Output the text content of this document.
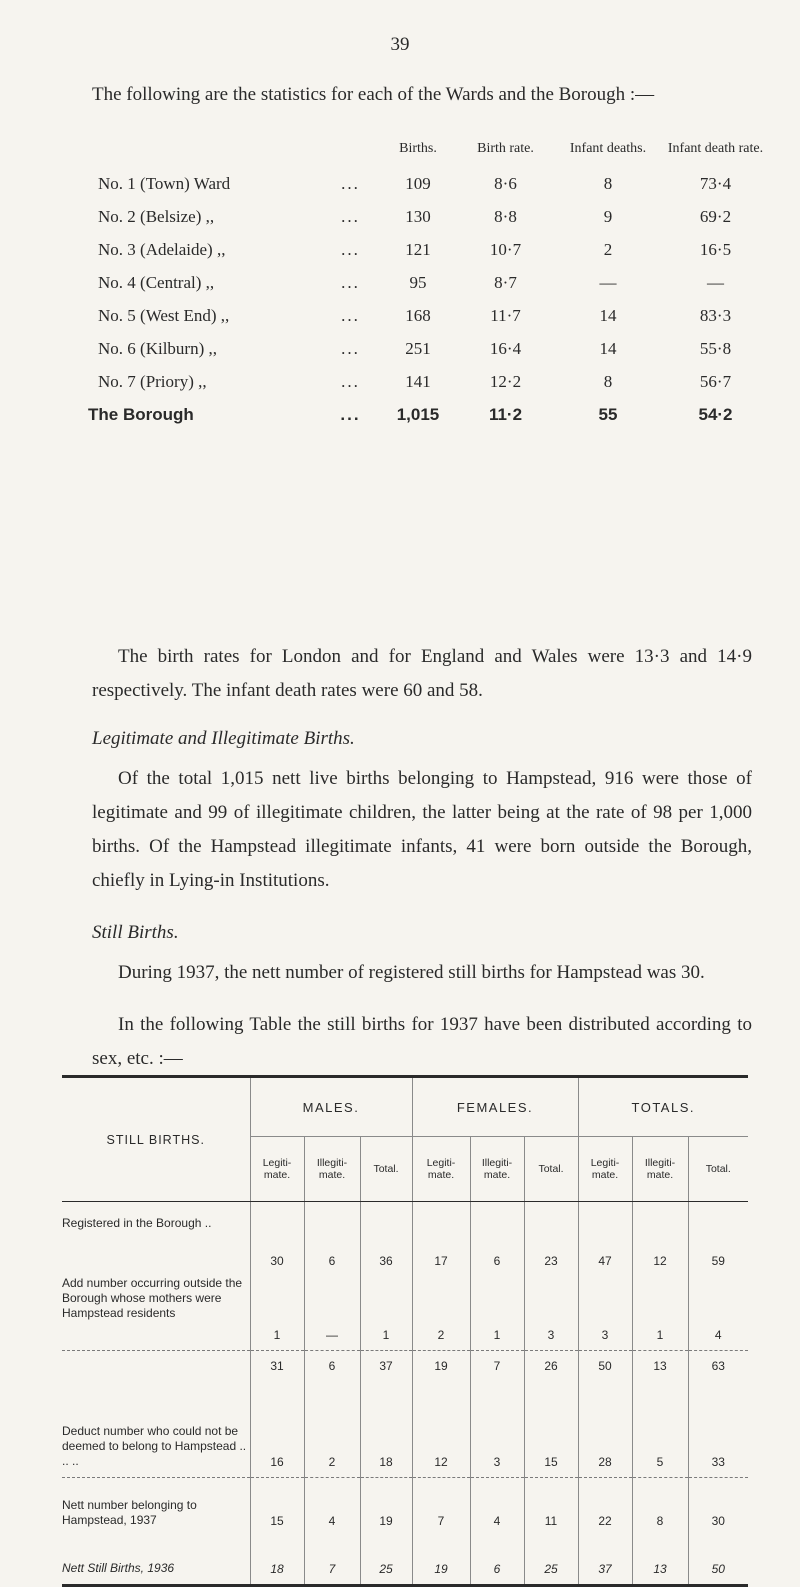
39
The following are the statistics for each of the Wards and the Borough :—
		Births.	Birth rate.	Infant deaths.	Infant death rate.
No. 1 (Town) Ward	...	109	8·6	8	73·4
No. 2 (Belsize) ,,	...	130	8·8	9	69·2
No. 3 (Adelaide) ,,	...	121	10·7	2	16·5
No. 4 (Central) ,,	...	95	8·7	—	—
No. 5 (West End) ,,	...	168	11·7	14	83·3
No. 6 (Kilburn) ,,	...	251	16·4	14	55·8
No. 7 (Priory) ,,	...	141	12·2	8	56·7
The Borough	...	1,015	11·2	55	54·2

The birth rates for London and for England and Wales were 13·3 and 14·9 respectively. The infant death rates were 60 and 58.

Legitimate and Illegitimate Births.

Of the total 1,015 nett live births belonging to Hampstead, 916 were those of legitimate and 99 of illegitimate children, the latter being at the rate of 98 per 1,000 births. Of the Hampstead illegitimate infants, 41 were born outside the Borough, chiefly in Lying-in Institutions.

Still Births.

During 1937, the nett number of registered still births for Hampstead was 30.

In the following Table the still births for 1937 have been distributed according to sex, etc. :—

STILL BIRTHS.	MALES.			FEMALES.			TOTALS.		
	Legiti- mate.	Illegiti- mate.	Total.	Legiti- mate.	Illegiti- mate.	Total.	Legiti- mate.	Illegiti- mate.	Total.
Registered in the Borough ..	30	6	36	17	6	23	47	12	59
Add number occurring outside the Borough whose mothers were Hampstead residents	1	—	1	2	1	3	3	1	4
	31	6	37	19	7	26	50	13	63
Deduct number who could not be deemed to belong to Hampstead .. .. ..	16	2	18	12	3	15	28	5	33
Nett number belonging to Hampstead, 1937	15	4	19	7	4	11	22	8	30
Nett Still Births, 1936	18	7	25	19	6	25	37	13	50
